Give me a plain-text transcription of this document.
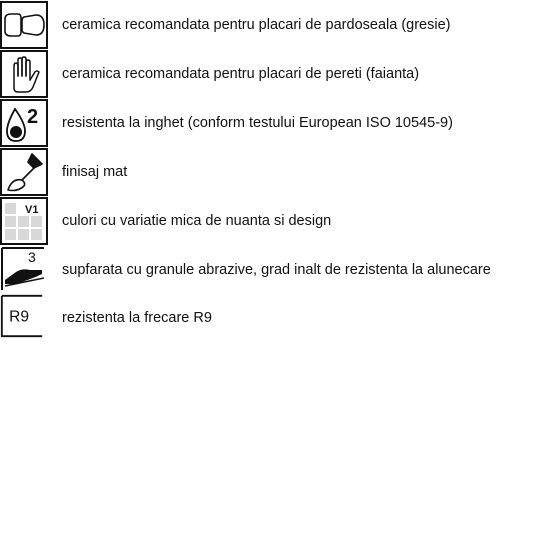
ceramica recomandata pentru placari de pardoseala (gresie)
ceramica recomandata pentru placari de pereti (faianta)
2 resistenta la inghet (conform testului European ISO 10545-9)
finisaj mat
V1
culori cu variatie mica de nuanta si design
3
supfarata cu granule abrazive, grad inalt de rezistenta la alunecare
R9 rezistenta la frecare R9
